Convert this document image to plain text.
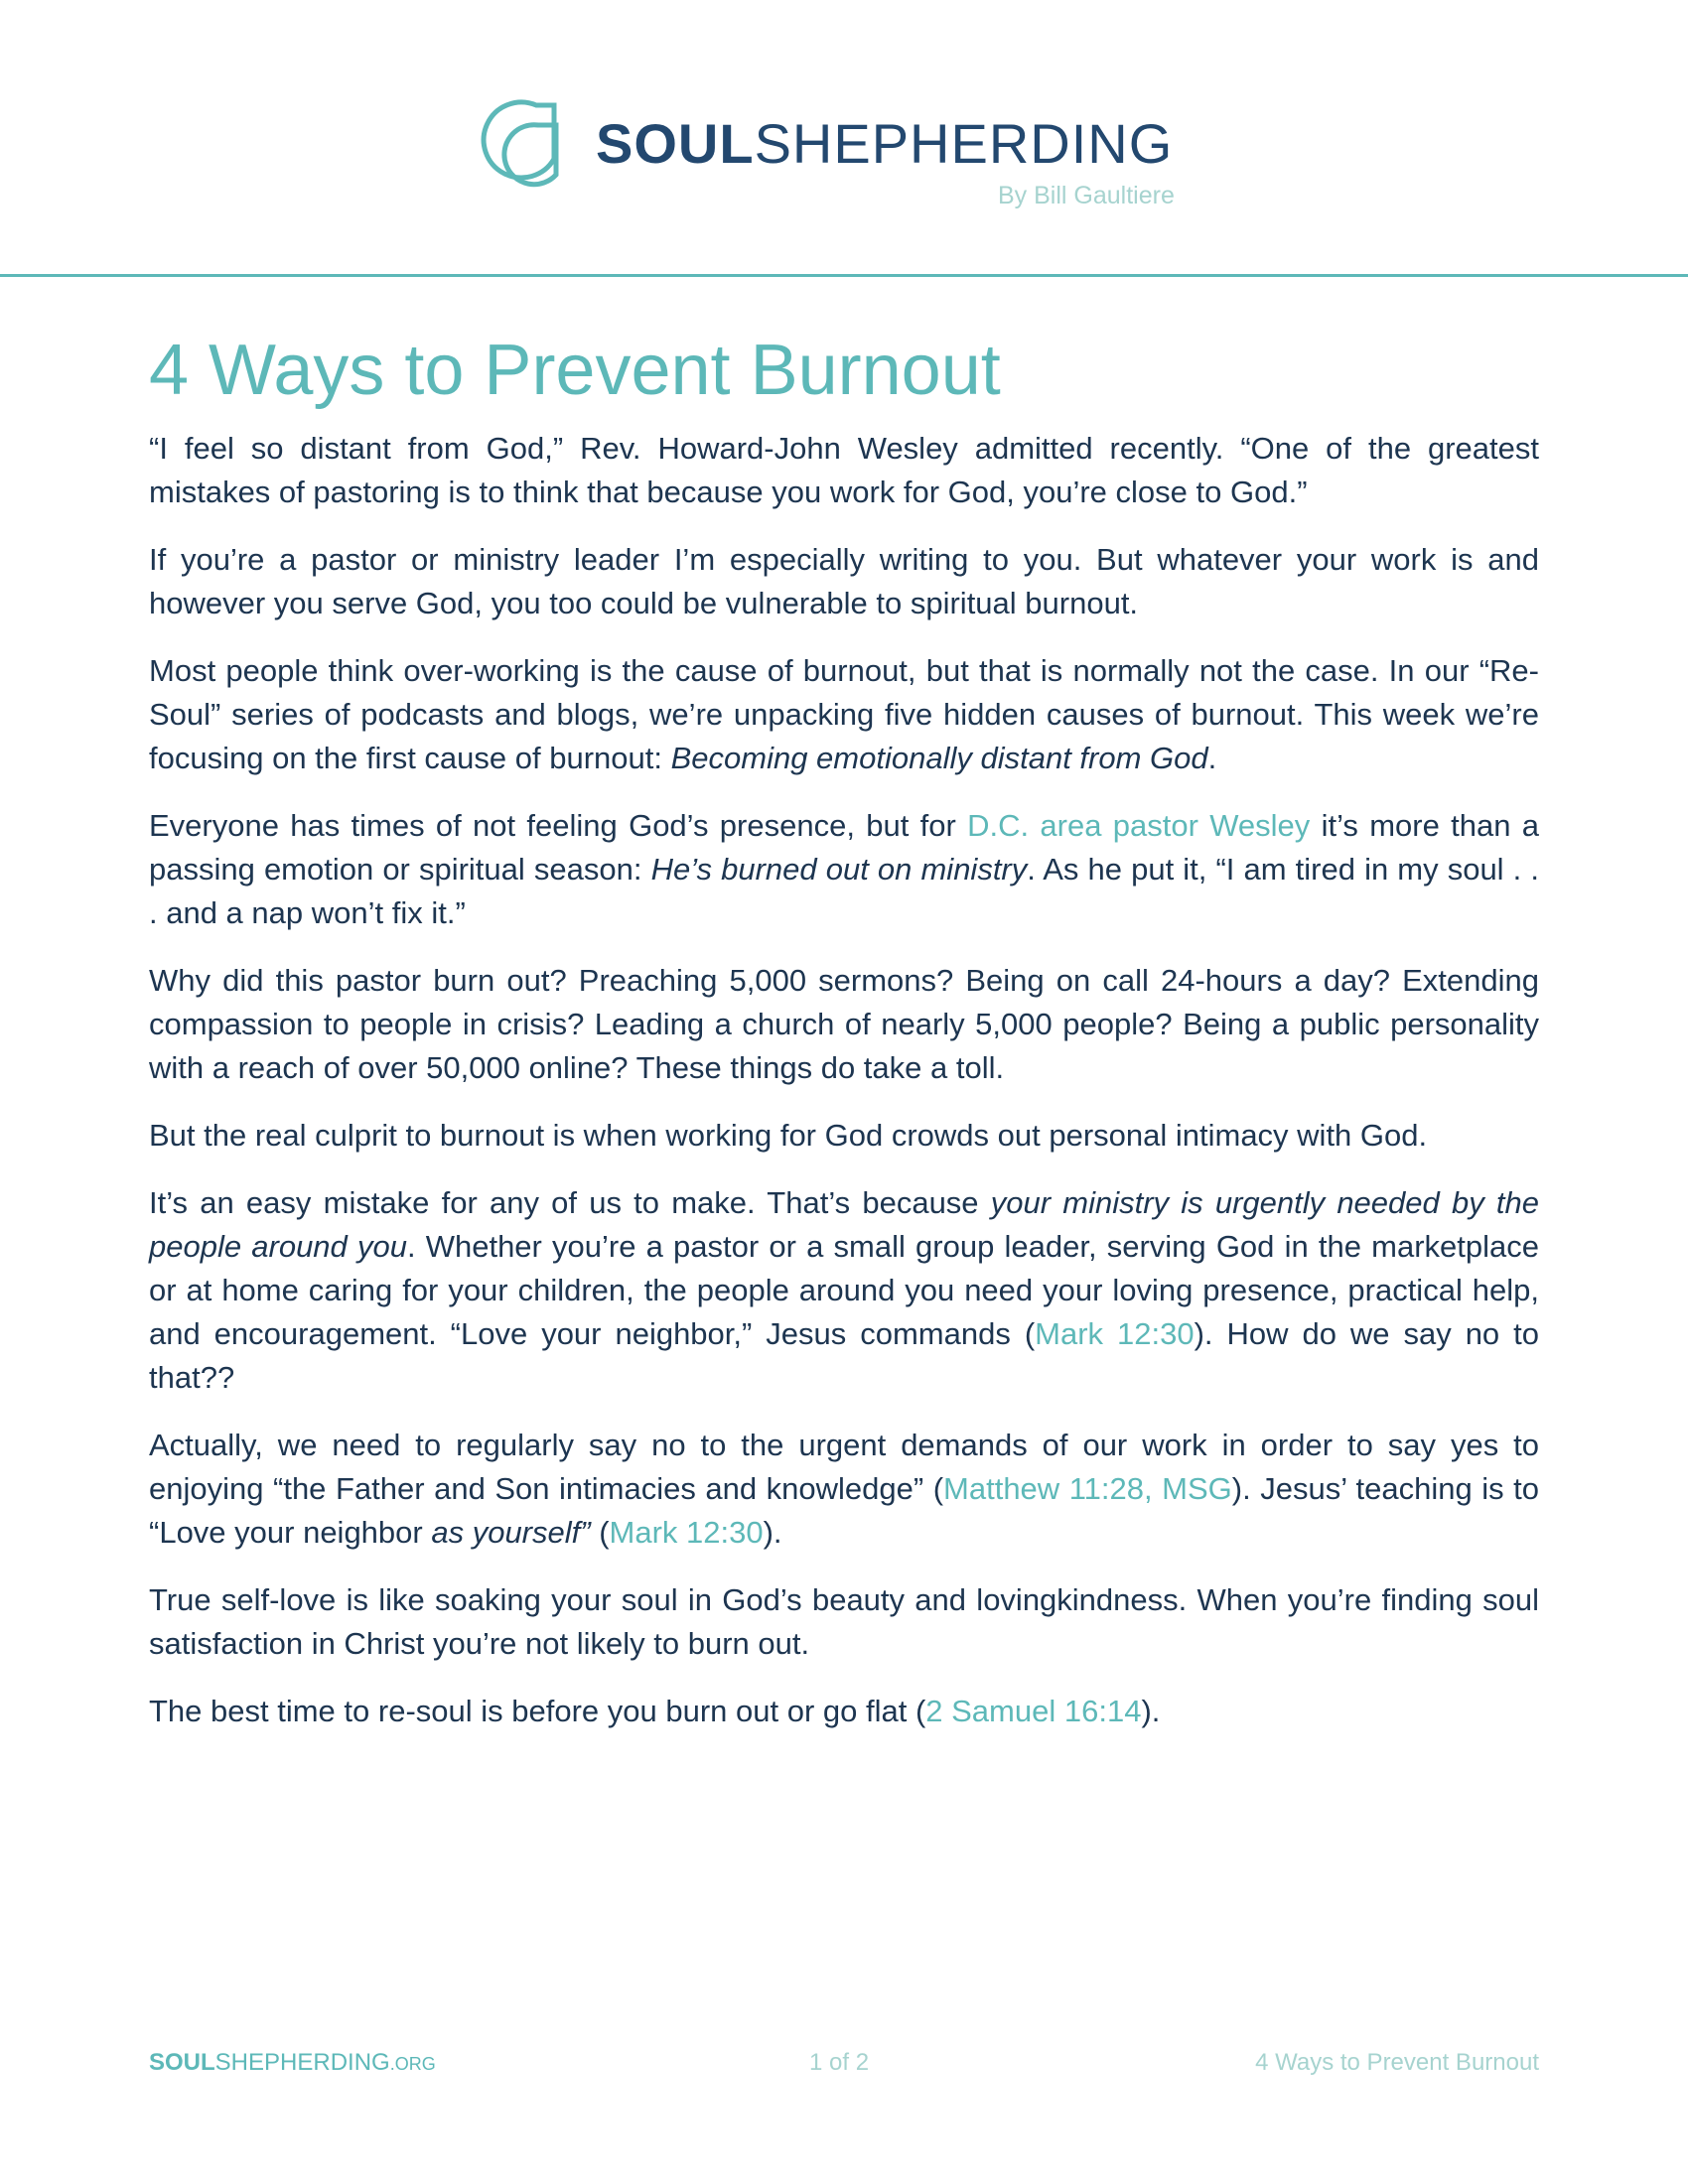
SOULSHEPHERDING
By Bill Gaultiere
4 Ways to Prevent Burnout

“I feel so distant from God,” Rev. Howard-John Wesley admitted recently. “One of the greatest mistakes of pastoring is to think that because you work for God, you’re close to God.”

If you’re a pastor or ministry leader I’m especially writing to you. But whatever your work is and however you serve God, you too could be vulnerable to spiritual burnout.

Most people think over-working is the cause of burnout, but that is normally not the case. In our “Re-Soul” series of podcasts and blogs, we’re unpacking five hidden causes of burnout. This week we’re focusing on the first cause of burnout: Becoming emotionally distant from God.

Everyone has times of not feeling God’s presence, but for D.C. area pastor Wesley it’s more than a passing emotion or spiritual season: He’s burned out on ministry. As he put it, “I am tired in my soul . . . and a nap won’t fix it.”

Why did this pastor burn out? Preaching 5,000 sermons? Being on call 24-hours a day? Extending compassion to people in crisis? Leading a church of nearly 5,000 people? Being a public personality with a reach of over 50,000 online? These things do take a toll.

But the real culprit to burnout is when working for God crowds out personal intimacy with God.

It’s an easy mistake for any of us to make. That’s because your ministry is urgently needed by the people around you. Whether you’re a pastor or a small group leader, serving God in the marketplace or at home caring for your children, the people around you need your loving presence, practical help, and encouragement. “Love your neighbor,” Jesus commands (Mark 12:30). How do we say no to that??

Actually, we need to regularly say no to the urgent demands of our work in order to say yes to enjoying “the Father and Son intimacies and knowledge” (Matthew 11:28, MSG). Jesus’ teaching is to “Love your neighbor as yourself” (Mark 12:30).

True self-love is like soaking your soul in God’s beauty and lovingkindness. When you’re finding soul satisfaction in Christ you’re not likely to burn out.

The best time to re-soul is before you burn out or go flat (2 Samuel 16:14).

SOULSHEPHERDING.ORG	1 of 2	4 Ways to Prevent Burnout
